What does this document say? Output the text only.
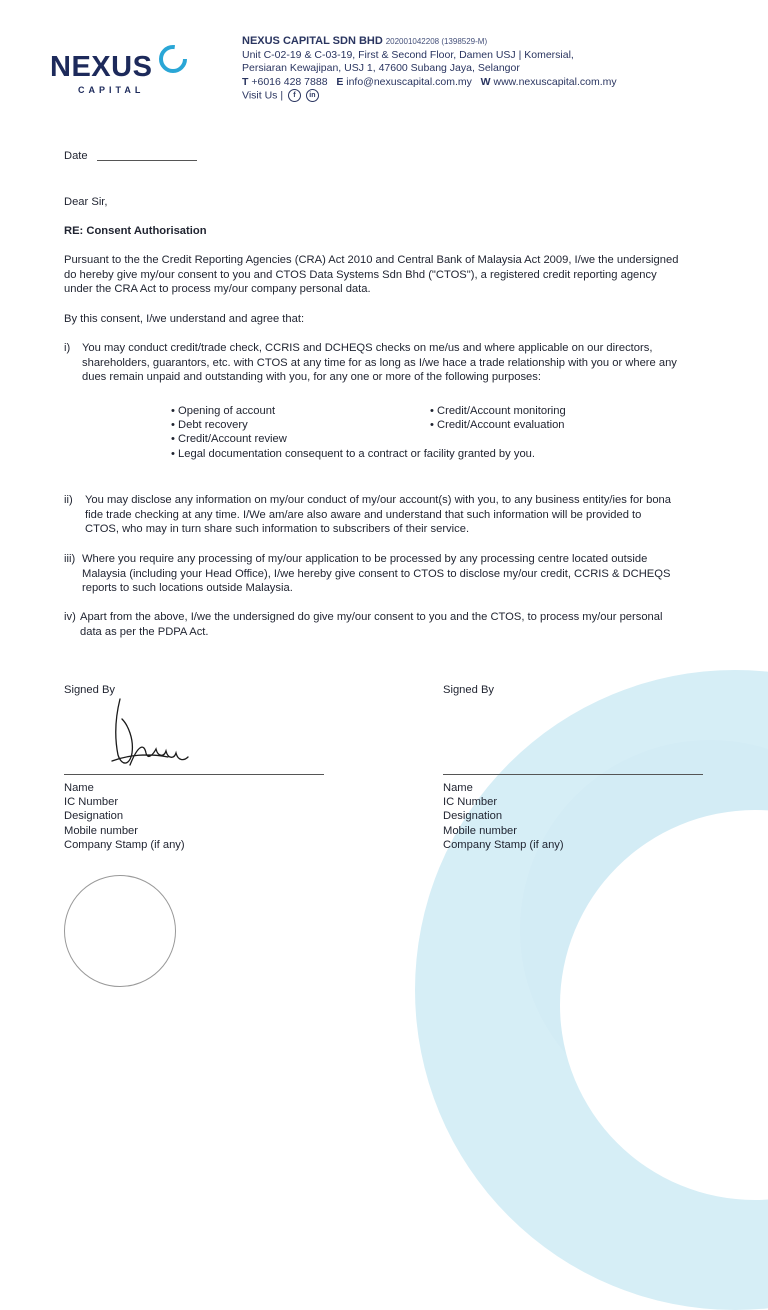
NEXUS
CAPITAL
NEXUS CAPITAL SDN BHD 202001042208 (1398529-M)
Unit C-02-19 & C-03-19, First & Second Floor, Damen USJ | Komersial,
Persiaran Kewajipan, USJ 1, 47600 Subang Jaya, Selangor
T +6016 428 7888 E info@nexuscapital.com.my W www.nexuscapital.com.my
Visit Us | f in
Date
Dear Sir,
RE: Consent Authorisation
Pursuant to the the Credit Reporting Agencies (CRA) Act 2010 and Central Bank of Malaysia Act 2009, I/we the undersigned
do hereby give my/our consent to you and CTOS Data Systems Sdn Bhd ("CTOS"), a registered credit reporting agency
under the CRA Act to process my/our company personal data.
By this consent, I/we understand and agree that:
i) You may conduct credit/trade check, CCRIS and DCHEQS checks on me/us and where applicable on our directors,
shareholders, guarantors, etc. with CTOS at any time for as long as I/we hace a trade relationship with you or where any
dues remain unpaid and outstanding with you, for any one or more of the following purposes:
• Opening of account
• Debt recovery
• Credit/Account review
• Legal documentation consequent to a contract or facility granted by you.
• Credit/Account monitoring
• Credit/Account evaluation
ii) You may disclose any information on my/our conduct of my/our account(s) with you, to any business entity/ies for bona
fide trade checking at any time. I/We am/are also aware and understand that such information will be provided to
CTOS, who may in turn share such information to subscribers of their service.
iii) Where you require any processing of my/our application to be processed by any processing centre located outside
Malaysia (including your Head Office), I/we hereby give consent to CTOS to disclose my/our credit, CCRIS & DCHEQS
reports to such locations outside Malaysia.
iv) Apart from the above, I/we the undersigned do give my/our consent to you and the CTOS, to process my/our personal
data as per the PDPA Act.
Signed By
Name
IC Number
Designation
Mobile number
Company Stamp (if any)
Signed By
Name
IC Number
Designation
Mobile number
Company Stamp (if any)
